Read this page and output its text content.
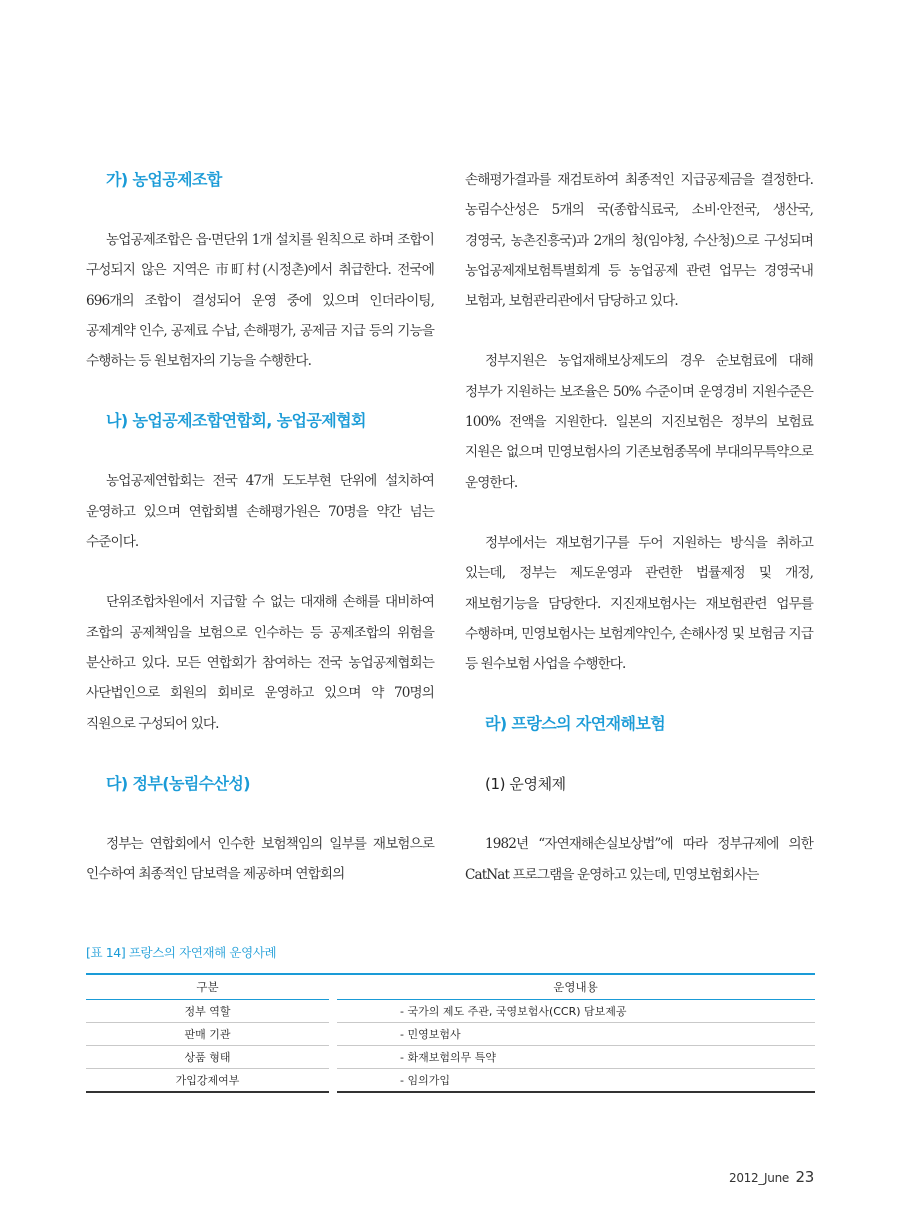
가) 농업공제조합

농업공제조합은 읍·면단위 1개 설치를 원칙으로 하며 조합이 구성되지 않은 지역은 市町村(시정촌)에서 취급한다. 전국에 696개의 조합이 결성되어 운영 중에 있으며 인더라이팅, 공제계약 인수, 공제료 수납, 손해평가, 공제금 지급 등의 기능을 수행하는 등 원보험자의 기능을 수행한다.

나) 농업공제조합연합회, 농업공제협회

농업공제연합회는 전국 47개 도도부현 단위에 설치하여 운영하고 있으며 연합회별 손해평가원은 70명을 약간 넘는 수준이다.

단위조합차원에서 지급할 수 없는 대재해 손해를 대비하여 조합의 공제책임을 보험으로 인수하는 등 공제조합의 위험을 분산하고 있다. 모든 연합회가 참여하는 전국 농업공제협회는 사단법인으로 회원의 회비로 운영하고 있으며 약 70명의 직원으로 구성되어 있다.

다) 정부(농림수산성)

정부는 연합회에서 인수한 보험책임의 일부를 재보험으로 인수하여 최종적인 담보력을 제공하며 연합회의

손해평가결과를 재검토하여 최종적인 지급공제금을 결정한다. 농림수산성은 5개의 국(종합식료국, 소비·안전국, 생산국, 경영국, 농촌진흥국)과 2개의 청(임야청, 수산청)으로 구성되며 농업공제재보험특별회계 등 농업공제 관련 업무는 경영국내 보험과, 보험관리관에서 담당하고 있다.

정부지원은 농업재해보상제도의 경우 순보험료에 대해 정부가 지원하는 보조율은 50% 수준이며 운영경비 지원수준은 100% 전액을 지원한다. 일본의 지진보험은 정부의 보험료 지원은 없으며 민영보험사의 기존보험종목에 부대의무특약으로 운영한다.

정부에서는 재보험기구를 두어 지원하는 방식을 취하고 있는데, 정부는 제도운영과 관련한 법률제정 및 개정, 재보험기능을 담당한다. 지진재보험사는 재보험관련 업무를 수행하며, 민영보험사는 보험계약인수, 손해사정 및 보험금 지급 등 원수보험 사업을 수행한다.

라) 프랑스의 자연재해보험

(1) 운영체제

1982년 “자연재해손실보상법”에 따라 정부규제에 의한 CatNat 프로그램을 운영하고 있는데, 민영보험회사는

[표 14] 프랑스의 자연재해 운영사례
구분		운영내용
정부 역할		- 국가의 제도 주관, 국영보험사(CCR) 담보제공
판매 기관		- 민영보험사
상품 형태		- 화재보험의무 특약
가입강제여부		- 임의가입
2012_June 23
